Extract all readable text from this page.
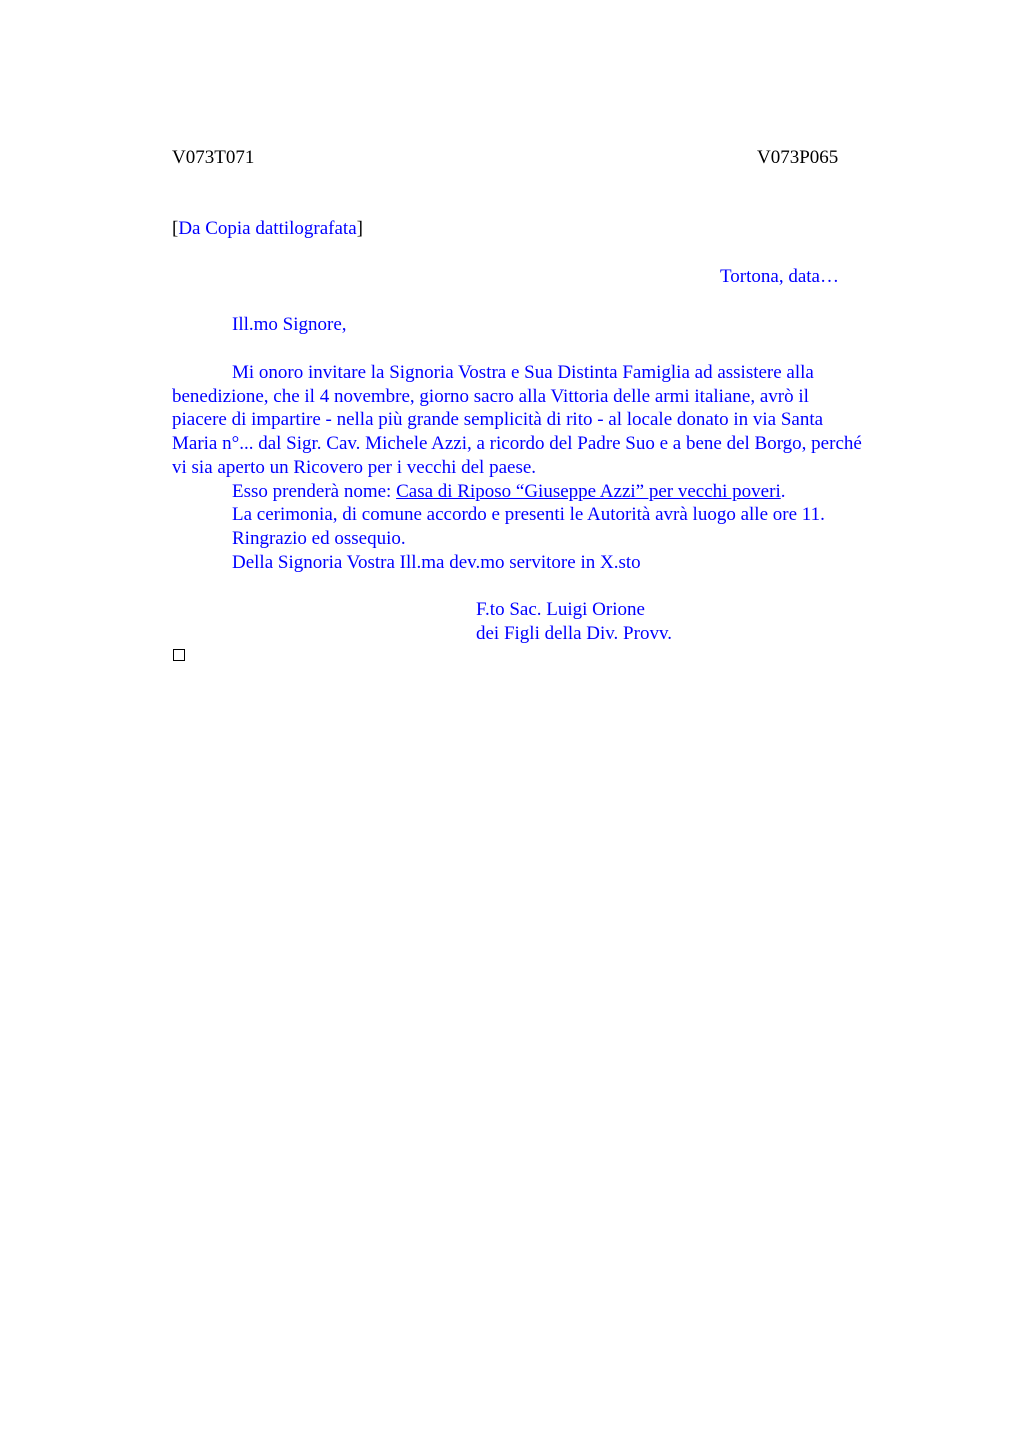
V073T071	V073P065
[Da Copia dattilografata]
Tortona, data…
Ill.mo Signore,
Mi onoro invitare la Signoria Vostra e Sua Distinta Famiglia ad assistere alla
benedizione, che il 4 novembre, giorno sacro alla Vittoria delle armi italiane, avrò il
piacere di impartire - nella più grande semplicità di rito - al locale donato in via Santa
Maria n°... dal Sigr. Cav. Michele Azzi, a ricordo del Padre Suo e a bene del Borgo, perché
vi sia aperto un Ricovero per i vecchi del paese.
Esso prenderà nome: Casa di Riposo “Giuseppe Azzi” per vecchi poveri.
La cerimonia, di comune accordo e presenti le Autorità avrà luogo alle ore 11.
Ringrazio ed ossequio.
Della Signoria Vostra Ill.ma dev.mo servitore in X.sto
F.to Sac. Luigi Orione
dei Figli della Div. Provv.
